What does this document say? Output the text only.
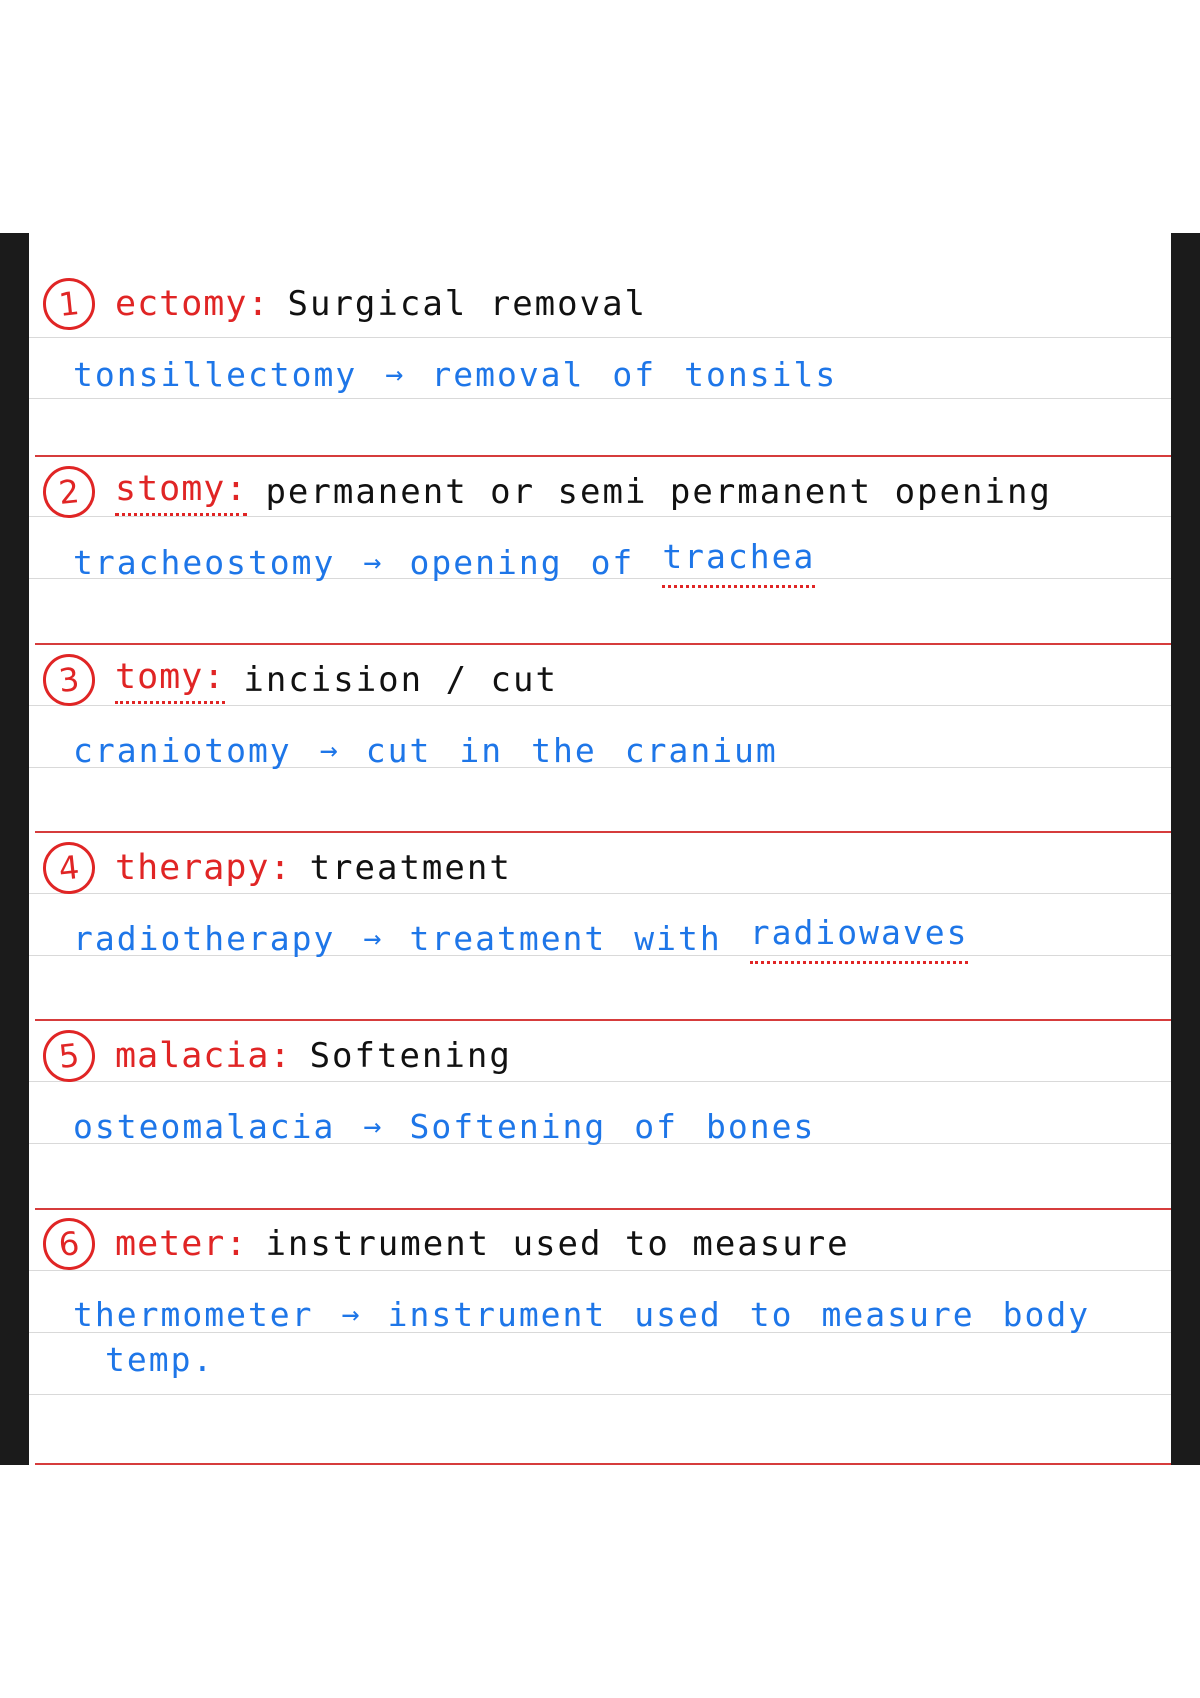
1 ectomy: Surgical removal
tonsillectomy → removal of tonsils
2 stomy: permanent or semi permanent opening
tracheostomy → opening of trachea
3 tomy: incision / cut
craniotomy → cut in the cranium
4 therapy: treatment
radiotherapy → treatment with radiowaves
5 malacia: Softening
osteomalacia → Softening of bones
6 meter: instrument used to measure
thermometer → instrument used to measure body
temp.
